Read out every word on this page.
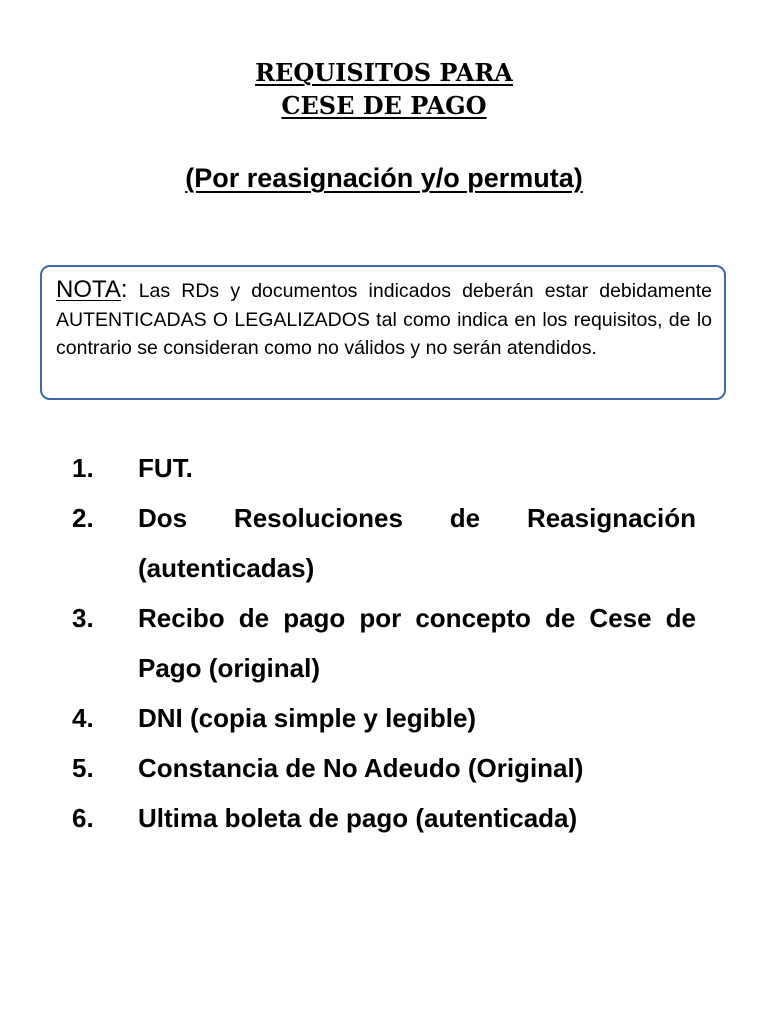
REQUISITOS PARA
CESE DE PAGO
(Por reasignación y/o permuta)
NOTA: Las RDs y documentos indicados deberán estar debidamente AUTENTICADAS O LEGALIZADOS tal como indica en los requisitos, de lo contrario se consideran como no válidos y no serán atendidos.
1.	FUT.
2.	Dos Resoluciones de Reasignación (autenticadas)
3.	Recibo de pago por concepto de Cese de Pago (original)
4.	DNI (copia simple y legible)
5.	Constancia de No Adeudo (Original)
6.	Ultima boleta de pago (autenticada)
